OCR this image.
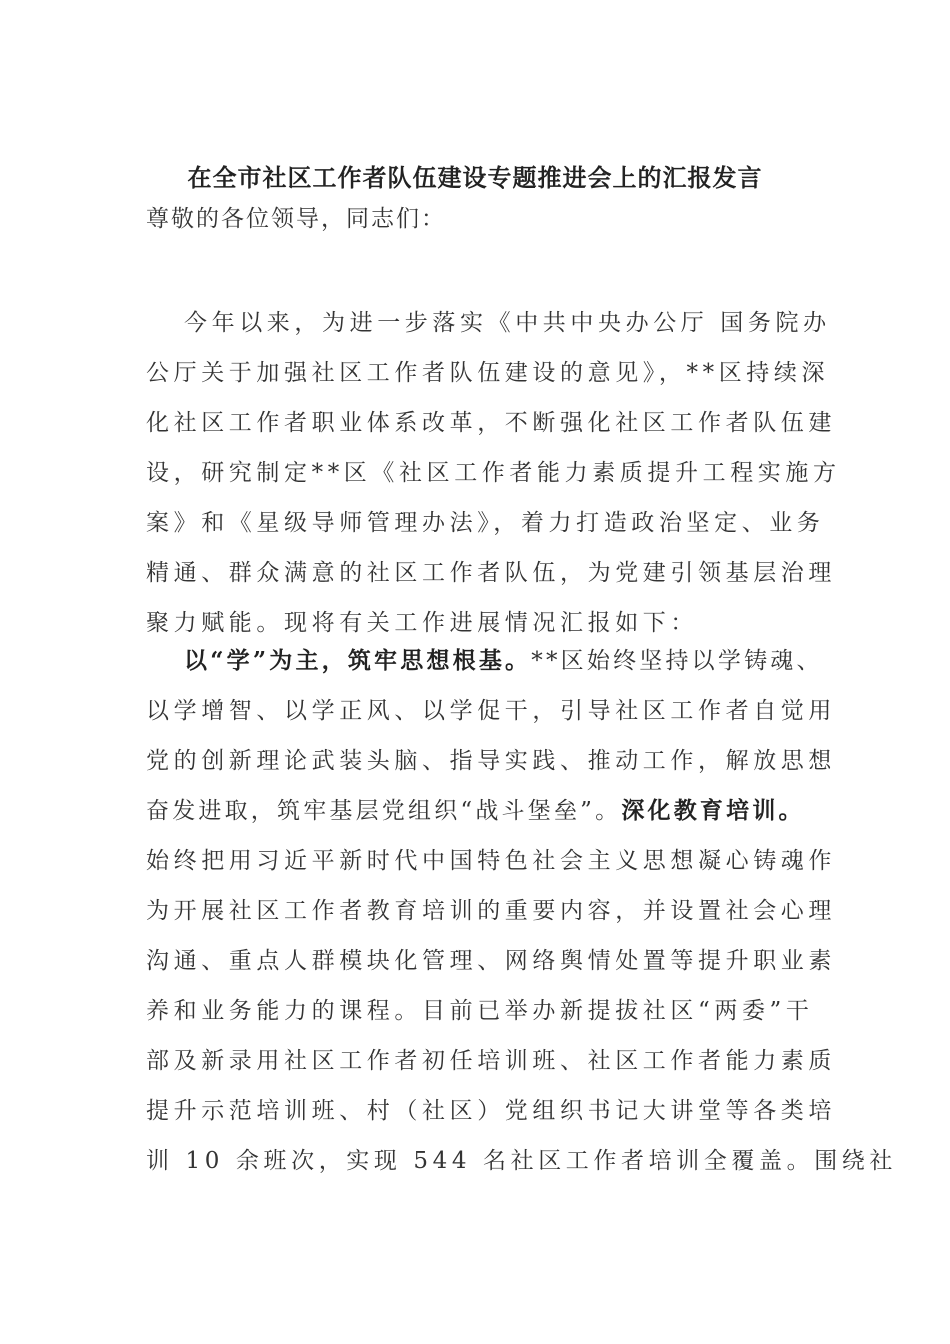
在全市社区工作者队伍建设专题推进会上的汇报发言
尊敬的各位领导，同志们：
今年以来，为进一步落实《中共中央办公厅 国务院办
公厅关于加强社区工作者队伍建设的意见》，**区持续深
化社区工作者职业体系改革，不断强化社区工作者队伍建
设，研究制定**区《社区工作者能力素质提升工程实施方
案》和《星级导师管理办法》，着力打造政治坚定、业务
精通、群众满意的社区工作者队伍，为党建引领基层治理
聚力赋能。现将有关工作进展情况汇报如下：
以“学”为主，筑牢思想根基。**区始终坚持以学铸魂、
以学增智、以学正风、以学促干，引导社区工作者自觉用
党的创新理论武装头脑、指导实践、推动工作，解放思想
奋发进取，筑牢基层党组织“战斗堡垒”。深化教育培训。
始终把用习近平新时代中国特色社会主义思想凝心铸魂作
为开展社区工作者教育培训的重要内容，并设置社会心理
沟通、重点人群模块化管理、网络舆情处置等提升职业素
养和业务能力的课程。目前已举办新提拔社区“两委”干
部及新录用社区工作者初任培训班、社区工作者能力素质
提升示范培训班、村（社区）党组织书记大讲堂等各类培
训 10 余班次，实现 544 名社区工作者培训全覆盖。围绕社
